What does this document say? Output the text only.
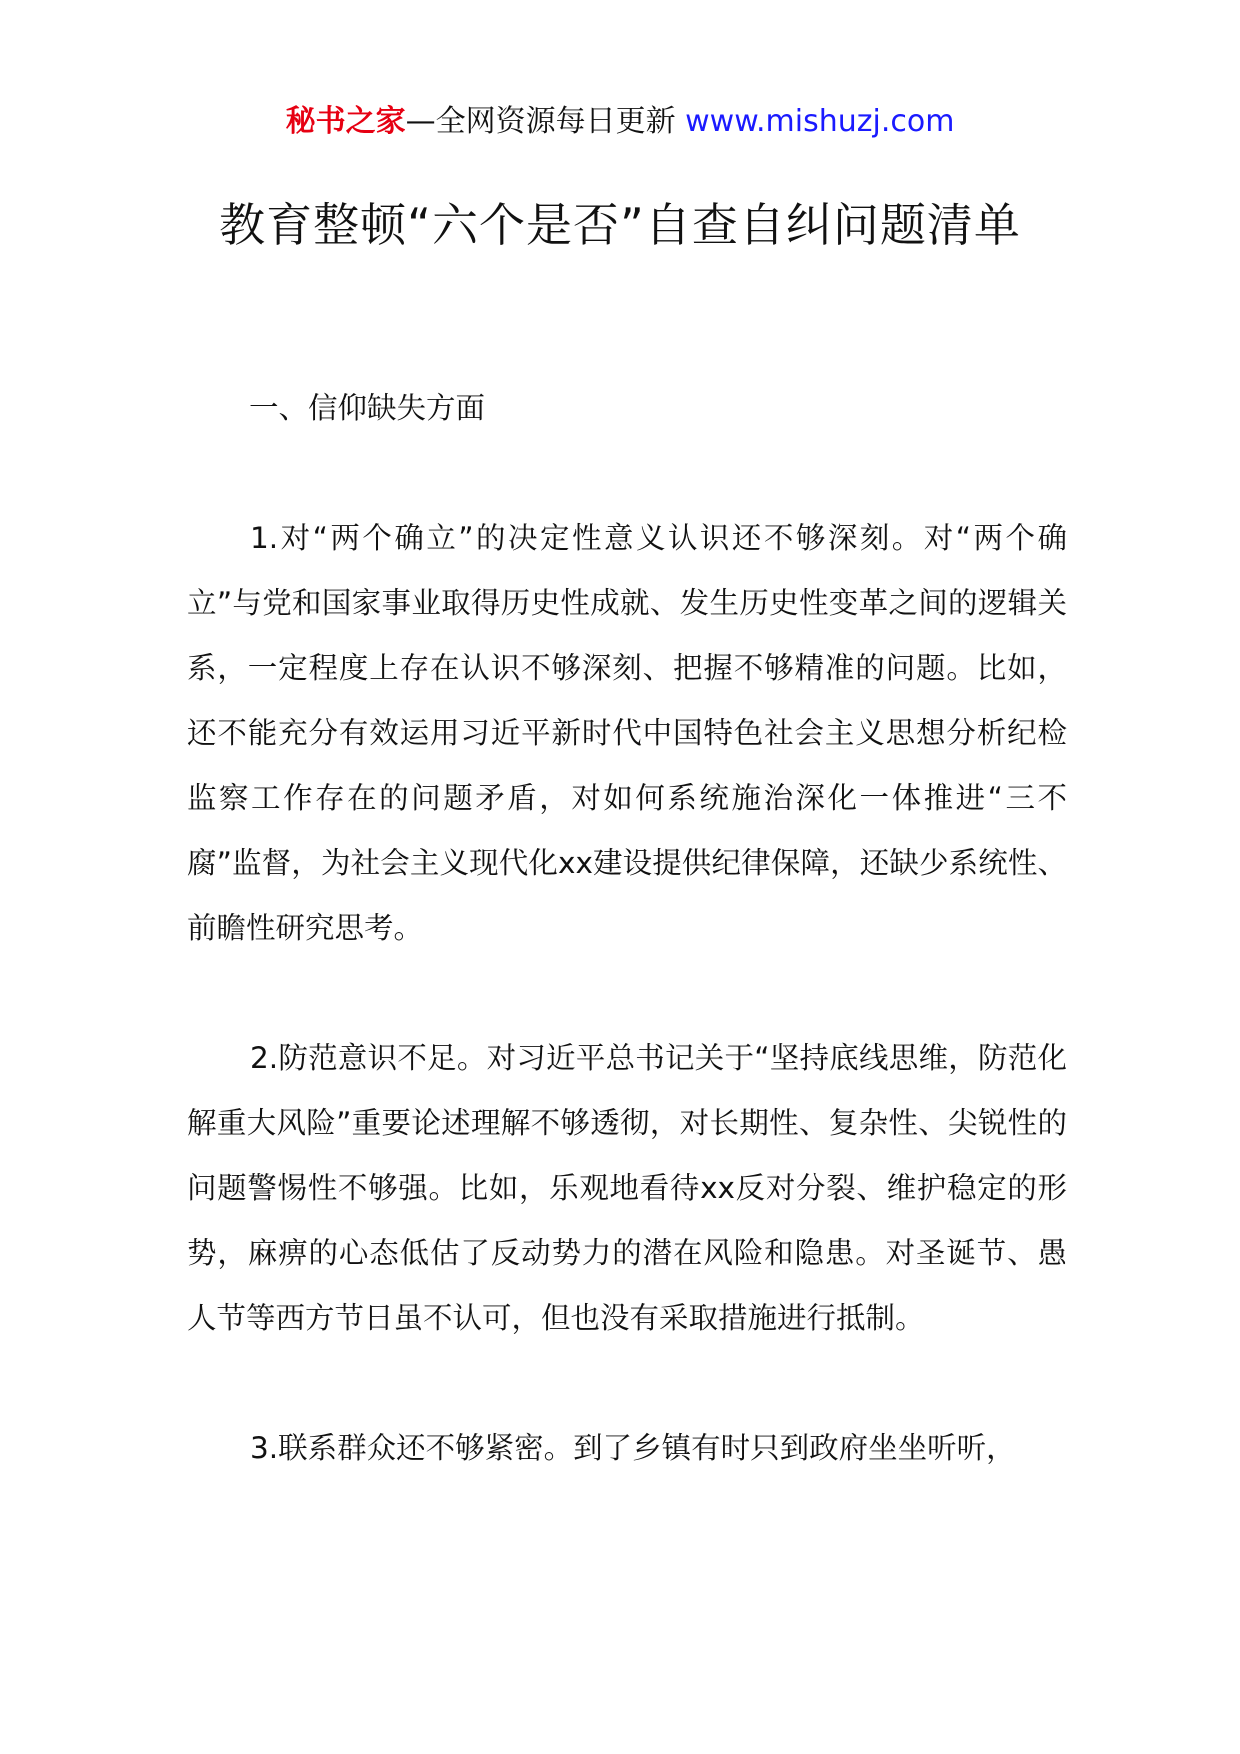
秘书之家—全网资源每日更新 www.mishuzj.com
教育整顿“六个是否”自查自纠问题清单
一、信仰缺失方面

1.对“两个确立”的决定性意义认识还不够深刻。对“两个确立”与党和国家事业取得历史性成就、发生历史性变革之间的逻辑关系，一定程度上存在认识不够深刻、把握不够精准的问题。比如，还不能充分有效运用习近平新时代中国特色社会主义思想分析纪检监察工作存在的问题矛盾，对如何系统施治深化一体推进“三不腐”监督，为社会主义现代化xx建设提供纪律保障，还缺少系统性、前瞻性研究思考。

2.防范意识不足。对习近平总书记关于“坚持底线思维，防范化解重大风险”重要论述理解不够透彻，对长期性、复杂性、尖锐性的问题警惕性不够强。比如，乐观地看待xx反对分裂、维护稳定的形势，麻痹的心态低估了反动势力的潜在风险和隐患。对圣诞节、愚人节等西方节日虽不认可，但也没有采取措施进行抵制。

3.联系群众还不够紧密。到了乡镇有时只到政府坐坐听听，
